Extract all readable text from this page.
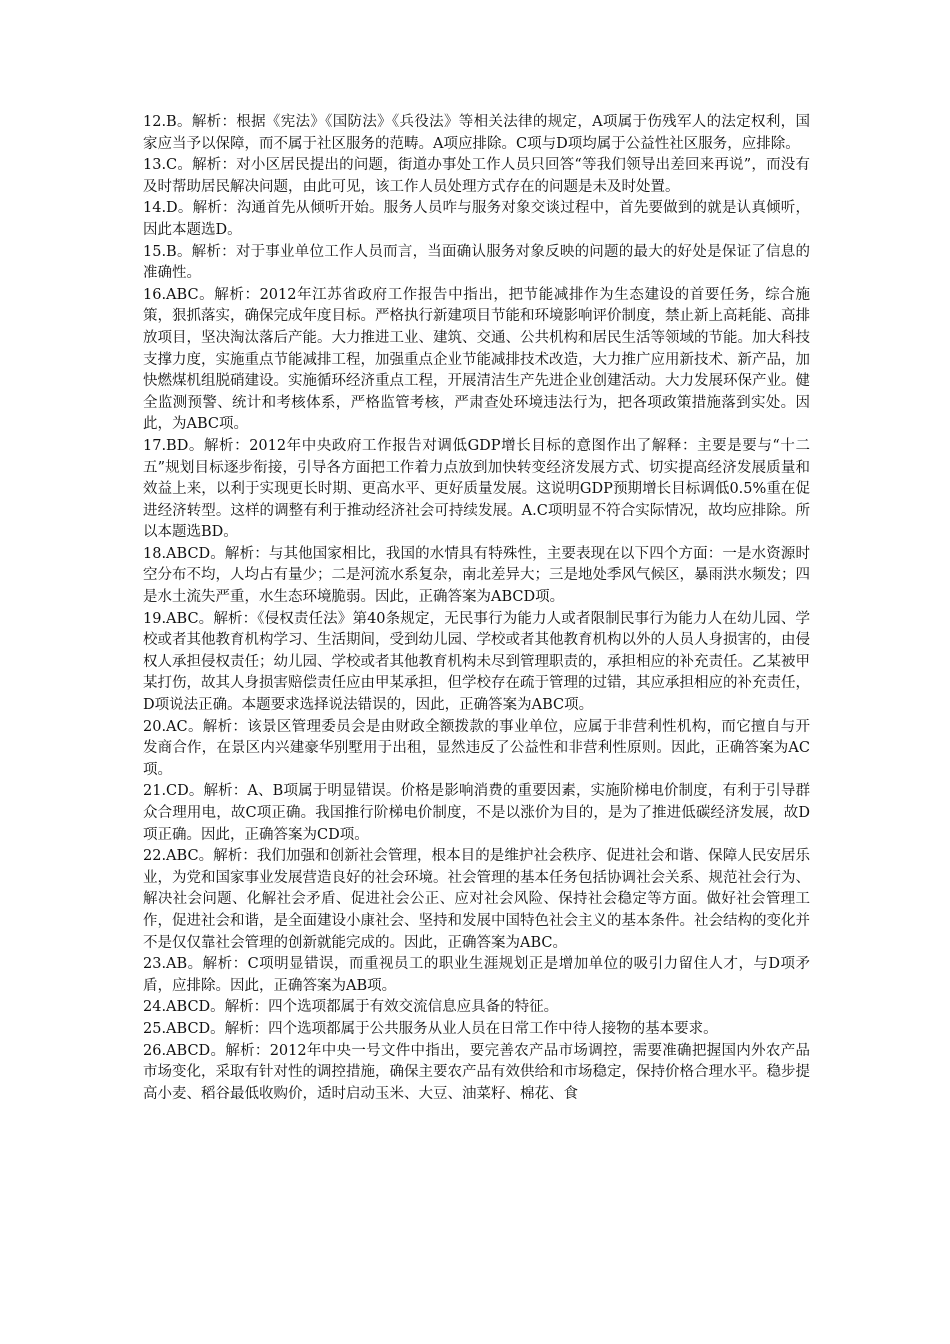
12.B。解析：根据《宪法》《国防法》《兵役法》等相关法律的规定，A项属于伤残军人的法定权利，国家应当予以保障，而不属于社区服务的范畴。A项应排除。C项与D项均属于公益性社区服务，应排除。

13.C。解析：对小区居民提出的问题，街道办事处工作人员只回答“等我们领导出差回来再说”，而没有及时帮助居民解决问题，由此可见，该工作人员处理方式存在的问题是未及时处置。

14.D。解析：沟通首先从倾听开始。服务人员咋与服务对象交谈过程中，首先要做到的就是认真倾听，因此本题选D。

15.B。解析：对于事业单位工作人员而言，当面确认服务对象反映的问题的最大的好处是保证了信息的准确性。

16.ABC。解析：2012年江苏省政府工作报告中指出，把节能减排作为生态建设的首要任务，综合施策，狠抓落实，确保完成年度目标。严格执行新建项目节能和环境影响评价制度，禁止新上高耗能、高排放项目，坚决淘汰落后产能。大力推进工业、建筑、交通、公共机构和居民生活等领域的节能。加大科技支撑力度，实施重点节能减排工程，加强重点企业节能减排技术改造，大力推广应用新技术、新产品，加快燃煤机组脱硝建设。实施循环经济重点工程，开展清洁生产先进企业创建活动。大力发展环保产业。健全监测预警、统计和考核体系，严格监管考核，严肃查处环境违法行为，把各项政策措施落到实处。因此，为ABC项。

17.BD。解析：2012年中央政府工作报告对调低GDP增长目标的意图作出了解释：主要是要与“十二五”规划目标逐步衔接，引导各方面把工作着力点放到加快转变经济发展方式、切实提高经济发展质量和效益上来，以利于实现更长时期、更高水平、更好质量发展。这说明GDP预期增长目标调低0.5%重在促进经济转型。这样的调整有利于推动经济社会可持续发展。A.C项明显不符合实际情况，故均应排除。所以本题选BD。

18.ABCD。解析：与其他国家相比，我国的水情具有特殊性，主要表现在以下四个方面：一是水资源时空分布不均，人均占有量少；二是河流水系复杂，南北差异大；三是地处季风气候区，暴雨洪水频发；四是水土流失严重，水生态环境脆弱。因此，正确答案为ABCD项。

19.ABC。解析：《侵权责任法》第40条规定，无民事行为能力人或者限制民事行为能力人在幼儿园、学校或者其他教育机构学习、生活期间，受到幼儿园、学校或者其他教育机构以外的人员人身损害的，由侵权人承担侵权责任；幼儿园、学校或者其他教育机构未尽到管理职责的，承担相应的补充责任。乙某被甲某打伤，故其人身损害赔偿责任应由甲某承担，但学校存在疏于管理的过错，其应承担相应的补充责任，D项说法正确。本题要求选择说法错误的，因此，正确答案为ABC项。

20.AC。解析：该景区管理委员会是由财政全额拨款的事业单位，应属于非营利性机构，而它擅自与开发商合作，在景区内兴建豪华别墅用于出租，显然违反了公益性和非营利性原则。因此，正确答案为AC项。

21.CD。解析：A、B项属于明显错误。价格是影响消费的重要因素，实施阶梯电价制度，有利于引导群众合理用电，故C项正确。我国推行阶梯电价制度，不是以涨价为目的，是为了推进低碳经济发展，故D项正确。因此，正确答案为CD项。

22.ABC。解析：我们加强和创新社会管理，根本目的是维护社会秩序、促进社会和谐、保障人民安居乐业，为党和国家事业发展营造良好的社会环境。社会管理的基本任务包括协调社会关系、规范社会行为、解决社会问题、化解社会矛盾、促进社会公正、应对社会风险、保持社会稳定等方面。做好社会管理工作，促进社会和谐，是全面建设小康社会、坚持和发展中国特色社会主义的基本条件。社会结构的变化并不是仅仅靠社会管理的创新就能完成的。因此，正确答案为ABC。

23.AB。解析：C项明显错误，而重视员工的职业生涯规划正是增加单位的吸引力留住人才，与D项矛盾，应排除。因此，正确答案为AB项。

24.ABCD。解析：四个选项都属于有效交流信息应具备的特征。

25.ABCD。解析：四个选项都属于公共服务从业人员在日常工作中待人接物的基本要求。

26.ABCD。解析：2012年中央一号文件中指出，要完善农产品市场调控，需要准确把握国内外农产品市场变化，采取有针对性的调控措施，确保主要农产品有效供给和市场稳定，保持价格合理水平。稳步提高小麦、稻谷最低收购价，适时启动玉米、大豆、油菜籽、棉花、食
